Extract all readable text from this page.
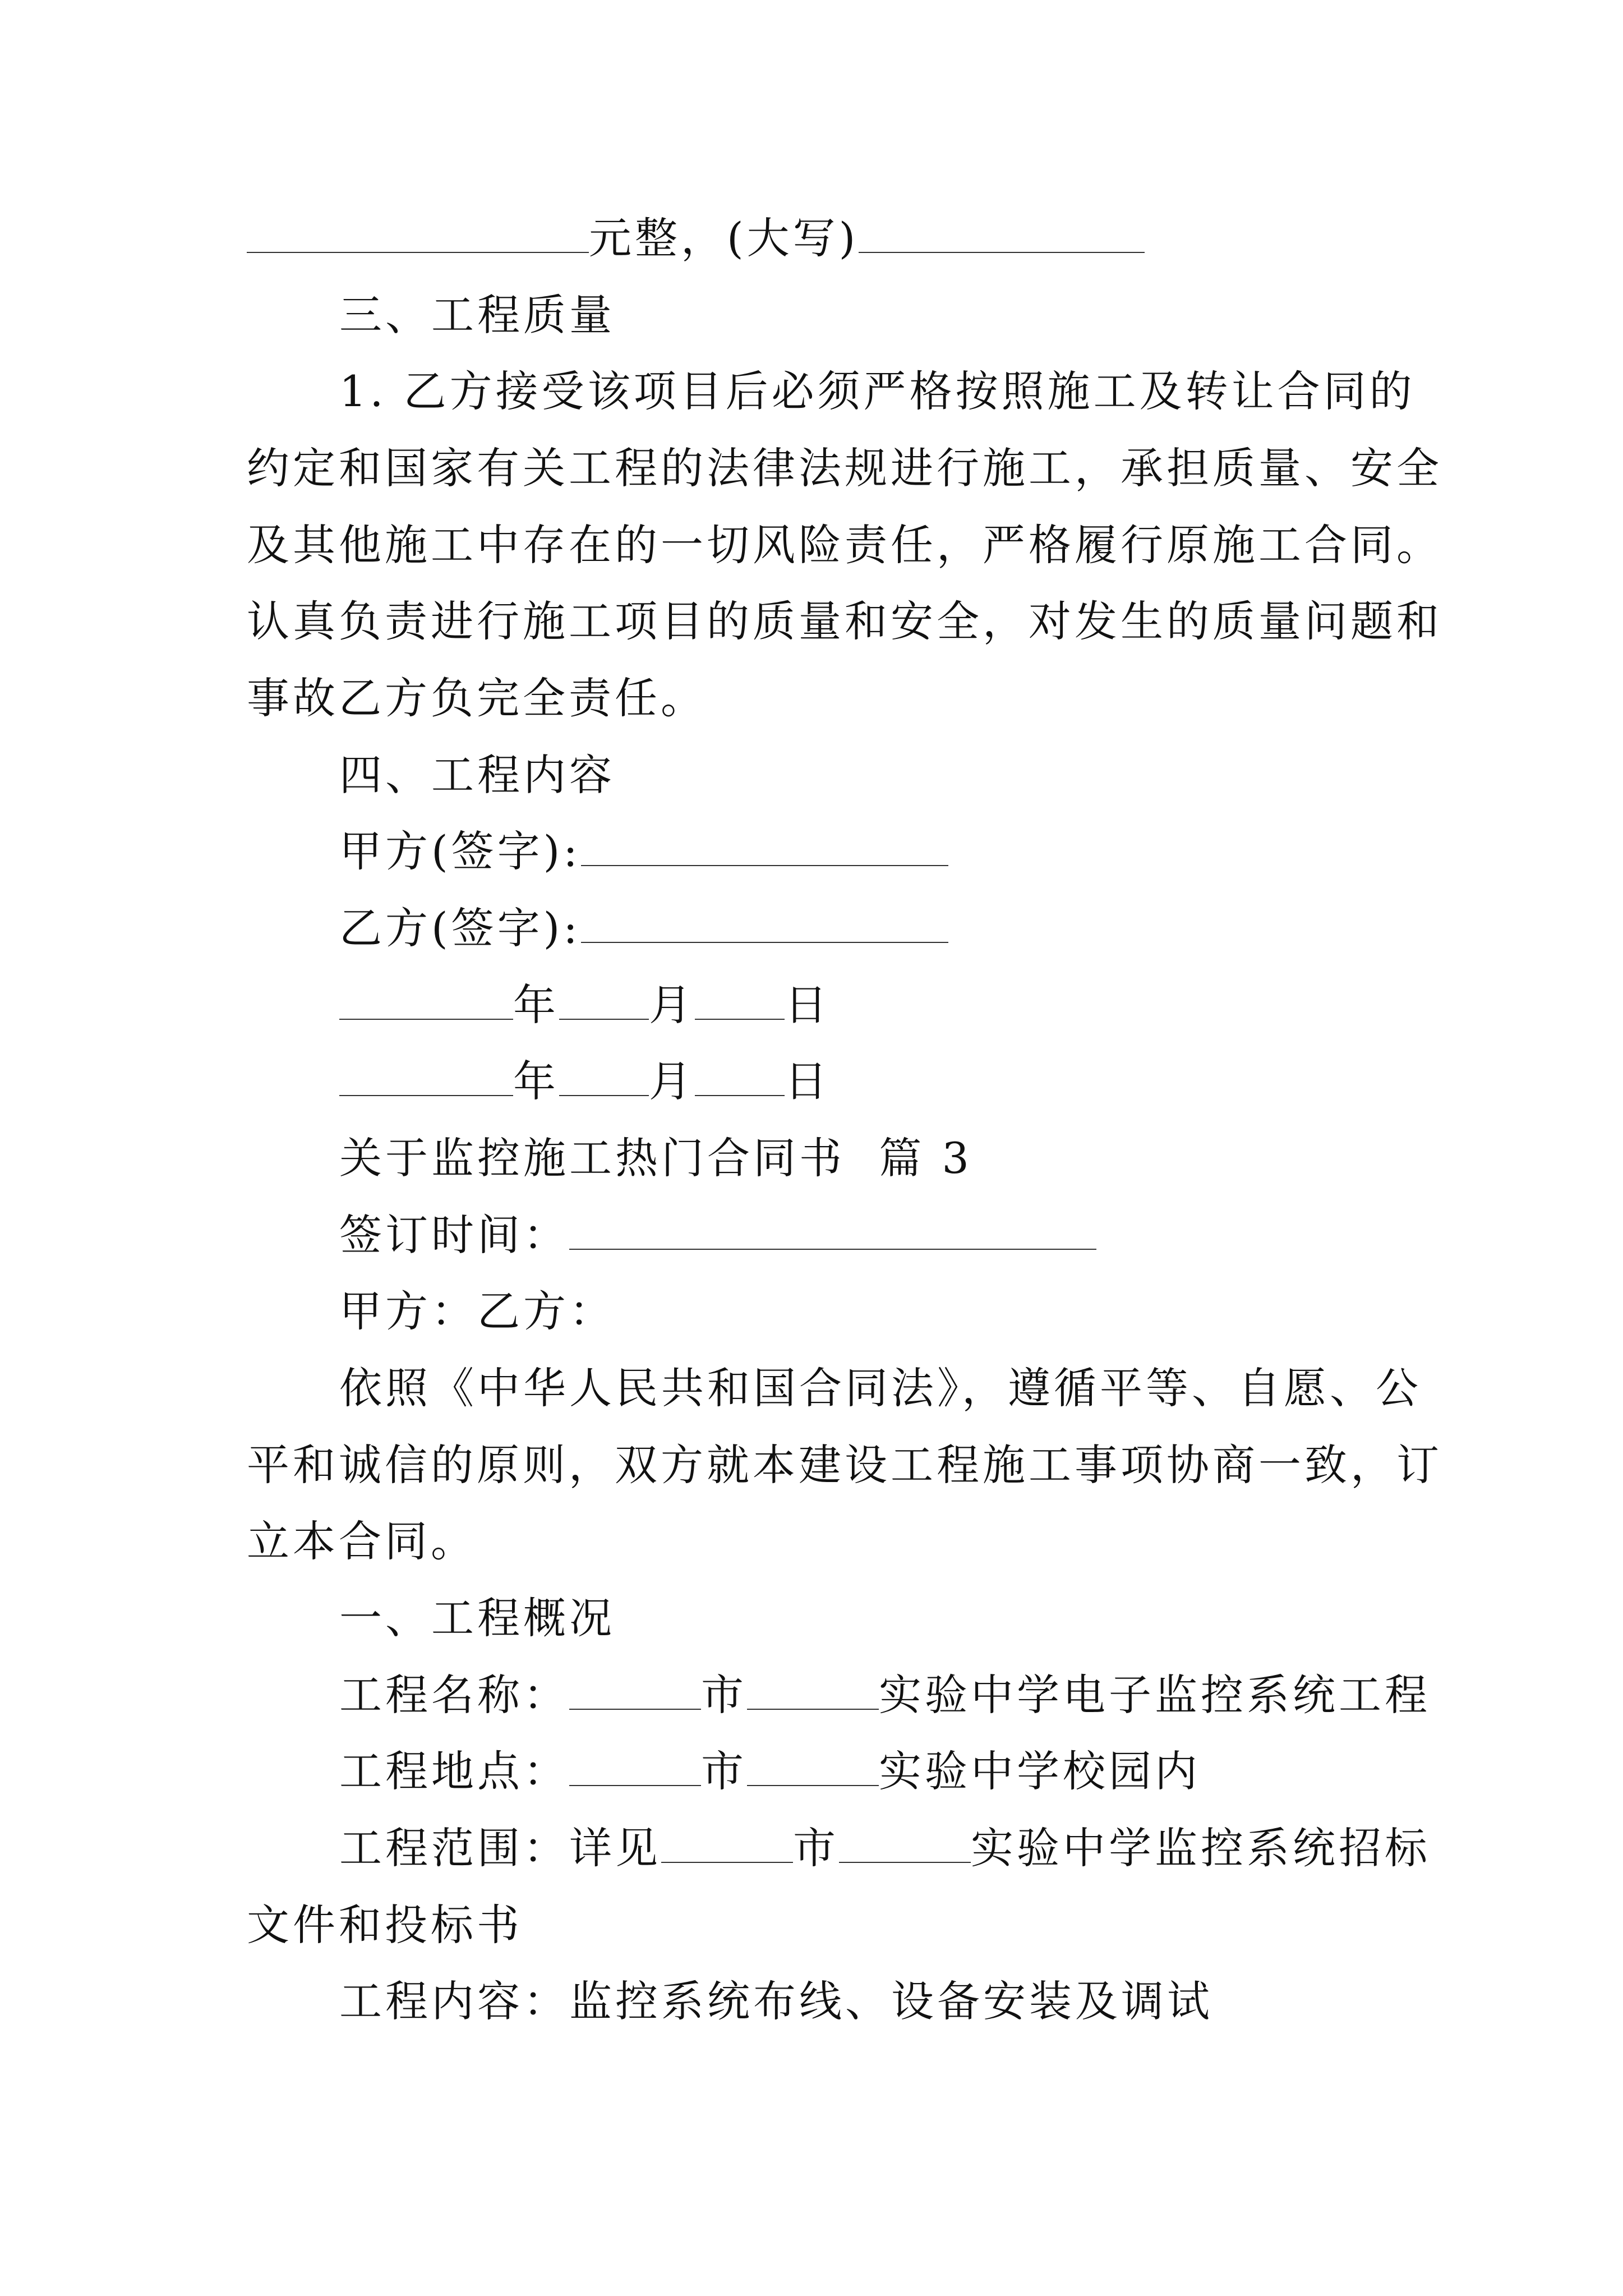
元整，(大写)
三、工程质量
1. 乙方接受该项目后必须严格按照施工及转让合同的
约定和国家有关工程的法律法规进行施工，承担质量、安全
及其他施工中存在的一切风险责任，严格履行原施工合同。
认真负责进行施工项目的质量和安全，对发生的质量问题和
事故乙方负完全责任。
四、工程内容
甲方(签字):
乙方(签字):
年 月 日
年 月 日
关于监控施工热门合同书  篇 3
签订时间：
甲方：乙方：
依照《中华人民共和国合同法》，遵循平等、自愿、公
平和诚信的原则，双方就本建设工程施工事项协商一致，订
立本合同。
一、工程概况
工程名称：	市	实验中学电子监控系统工程
工程地点：	市	实验中学校园内
工程范围：详见	市	实验中学监控系统招标
文件和投标书
工程内容：监控系统布线、设备安装及调试
